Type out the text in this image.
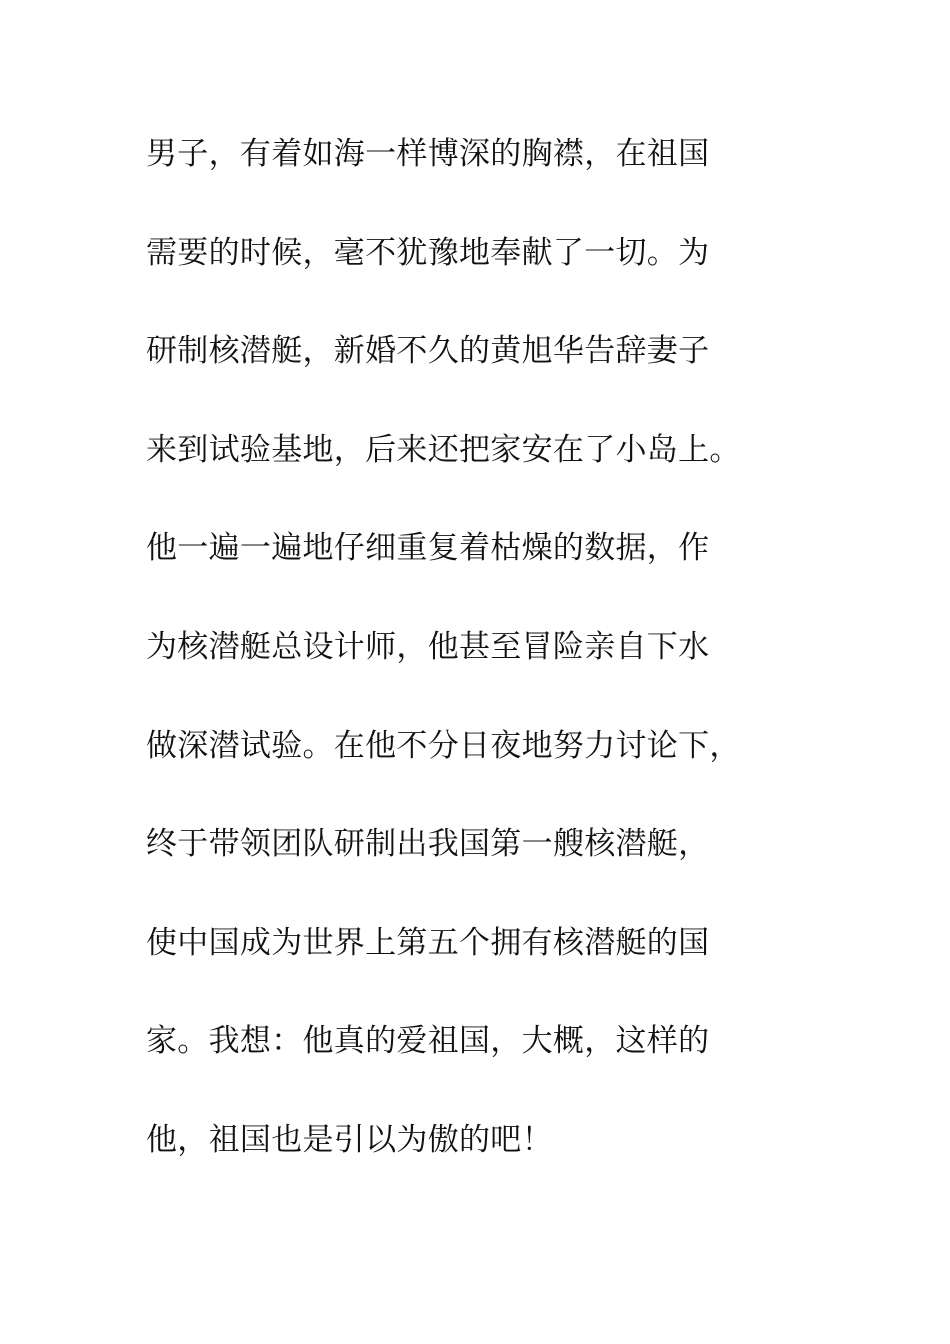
男子，有着如海一样博深的胸襟，在祖国
需要的时候，毫不犹豫地奉献了一切。为
研制核潜艇，新婚不久的黄旭华告辞妻子
来到试验基地，后来还把家安在了小岛上。
他一遍一遍地仔细重复着枯燥的数据，作
为核潜艇总设计师，他甚至冒险亲自下水
做深潜试验。在他不分日夜地努力讨论下，
终于带领团队研制出我国第一艘核潜艇，
使中国成为世界上第五个拥有核潜艇的国
家。我想：他真的爱祖国，大概，这样的
他，祖国也是引以为傲的吧！
